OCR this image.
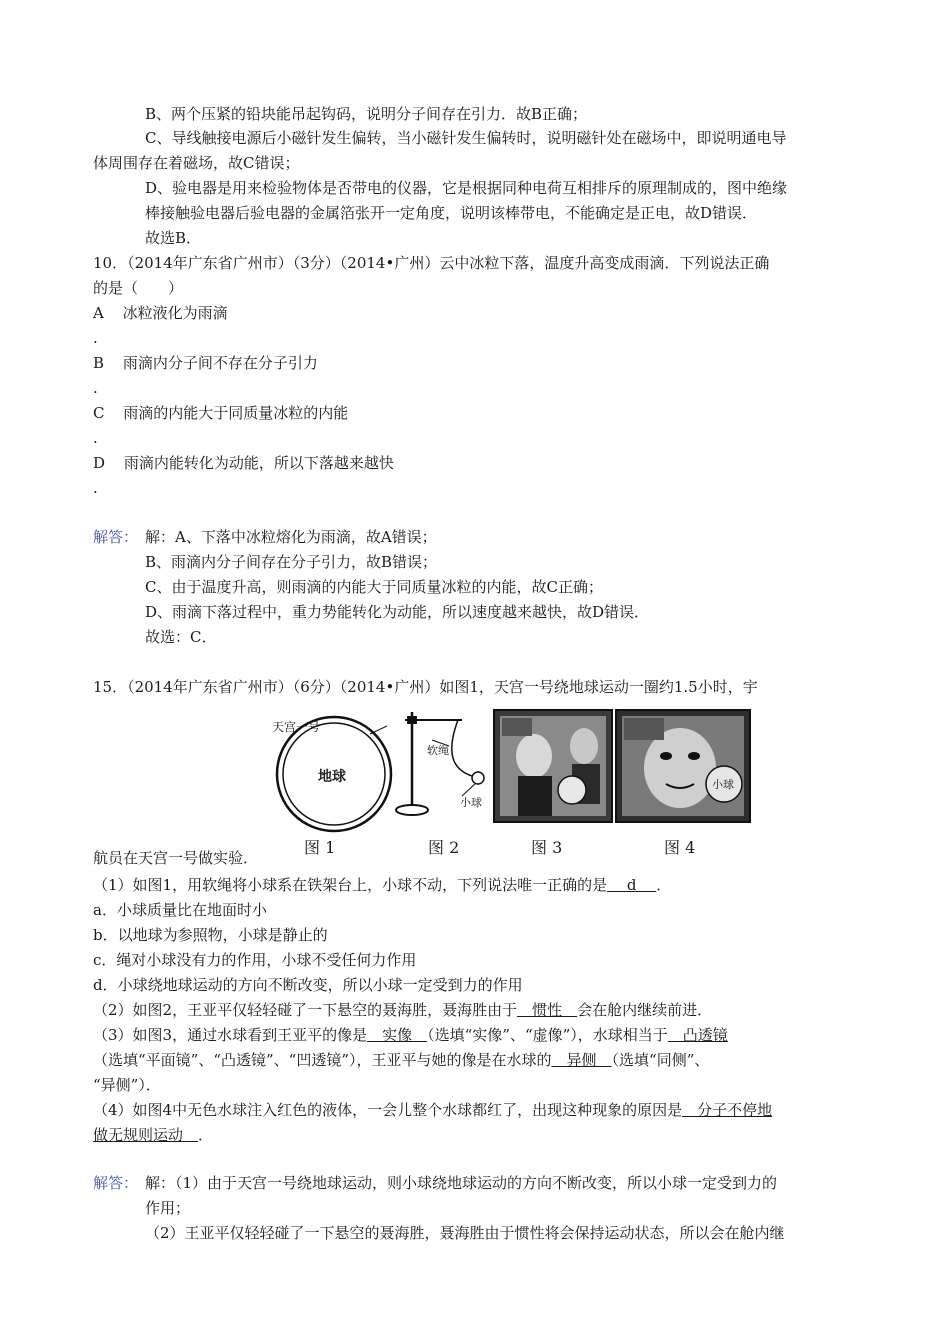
B、两个压紧的铅块能吊起钩码，说明分子间存在引力．故B正确；
C、导线触接电源后小磁针发生偏转，当小磁针发生偏转时，说明磁针处在磁场中，即说明通电导
体周围存在着磁场，故C错误；
D、验电器是用来检验物体是否带电的仪器，它是根据同种电荷互相排斥的原理制成的，图中绝缘
棒接触验电器后验电器的金属箔张开一定角度，说明该棒带电，不能确定是正电，故D错误．
故选B．
10．（2014年广东省广州市）（3分）（2014•广州）云中冰粒下落，温度升高变成雨滴．下列说法正确
的是（　　）
A 冰粒液化为雨滴
.
B 雨滴内分子间不存在分子引力
.
C 雨滴的内能大于同质量冰粒的内能
.
D 雨滴内能转化为动能，所以下落越来越快
.
解答： 解：A、下落中冰粒熔化为雨滴，故A错误；
B、雨滴内分子间存在分子引力，故B错误；
C、由于温度升高，则雨滴的内能大于同质量冰粒的内能，故C正确；
D、雨滴下落过程中，重力势能转化为动能，所以速度越来越快，故D错误．
故选：C．
15．（2014年广东省广州市）（6分）（2014•广州）如图1，天宫一号绕地球运动一圈约1.5小时，宇
天宫一号
地球
软绳
小球
小球
图 1	图 2	图 3	图 4
航员在天宫一号做实验．
（1）如图1，用软绳将小球系在铁架台上，小球不动，下列说法唯一正确的是　 d　 ．
a．小球质量比在地面时小
b．以地球为参照物，小球是静止的
c．绳对小球没有力的作用，小球不受任何力作用
d．小球绕地球运动的方向不断改变，所以小球一定受到力的作用
（2）如图2，王亚平仅轻轻碰了一下悬空的聂海胜，聂海胜由于　惯性　会在舱内继续前进．
（3）如图3，通过水球看到王亚平的像是　实像　（选填“实像”、“虚像”），水球相当于　凸透镜
（选填“平面镜”、“凸透镜”、“凹透镜”），王亚平与她的像是在水球的　异侧　（选填“同侧”、
“异侧”）．
（4）如图4中无色水球注入红色的液体，一会儿整个水球都红了，出现这种现象的原因是　分子不停地
做无规则运动　．
解答： 解：（1）由于天宫一号绕地球运动，则小球绕地球运动的方向不断改变，所以小球一定受到力的
作用；
（2）王亚平仅轻轻碰了一下悬空的聂海胜，聂海胜由于惯性将会保持运动状态，所以会在舱内继
